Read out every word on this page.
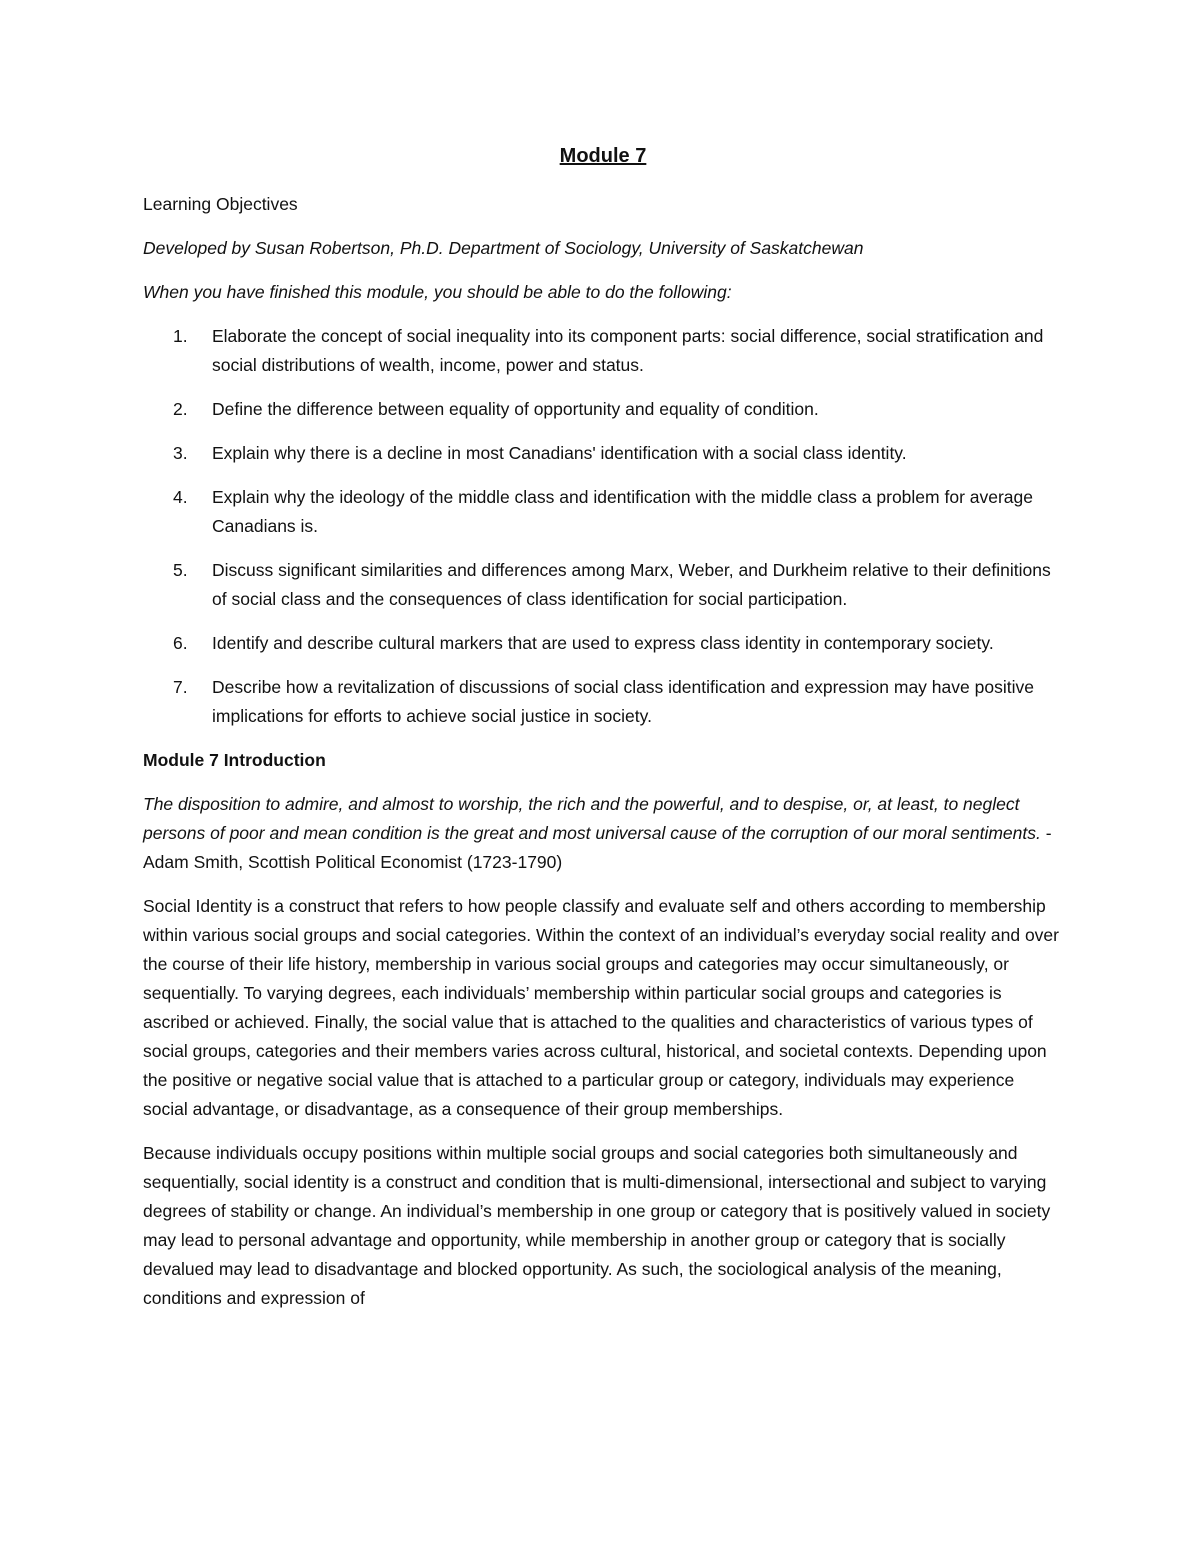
Module 7

Learning Objectives

Developed by Susan Robertson, Ph.D. Department of Sociology, University of Saskatchewan

When you have finished this module, you should be able to do the following:

1.	Elaborate the concept of social inequality into its component parts: social difference, social stratification and social distributions of wealth, income, power and status.
2.	Define the difference between equality of opportunity and equality of condition.
3.	Explain why there is a decline in most Canadians' identification with a social class identity.
4.	Explain why the ideology of the middle class and identification with the middle class a problem for average Canadians is.
5.	Discuss significant similarities and differences among Marx, Weber, and Durkheim relative to their definitions of social class and the consequences of class identification for social participation.
6.	Identify and describe cultural markers that are used to express class identity in contemporary society.
7.	Describe how a revitalization of discussions of social class identification and expression may have positive implications for efforts to achieve social justice in society.

Module 7 Introduction

The disposition to admire, and almost to worship, the rich and the powerful, and to despise, or, at least, to neglect persons of poor and mean condition is the great and most universal cause of the corruption of our moral sentiments. - Adam Smith, Scottish Political Economist (1723-1790)

Social Identity is a construct that refers to how people classify and evaluate self and others according to membership within various social groups and social categories. Within the context of an individual’s everyday social reality and over the course of their life history, membership in various social groups and categories may occur simultaneously, or sequentially. To varying degrees, each individuals’ membership within particular social groups and categories is ascribed or achieved. Finally, the social value that is attached to the qualities and characteristics of various types of social groups, categories and their members varies across cultural, historical, and societal contexts. Depending upon the positive or negative social value that is attached to a particular group or category, individuals may experience social advantage, or disadvantage, as a consequence of their group memberships.

Because individuals occupy positions within multiple social groups and social categories both simultaneously and sequentially, social identity is a construct and condition that is multi-dimensional, intersectional and subject to varying degrees of stability or change. An individual’s membership in one group or category that is positively valued in society may lead to personal advantage and opportunity, while membership in another group or category that is socially devalued may lead to disadvantage and blocked opportunity. As such, the sociological analysis of the meaning, conditions and expression of
